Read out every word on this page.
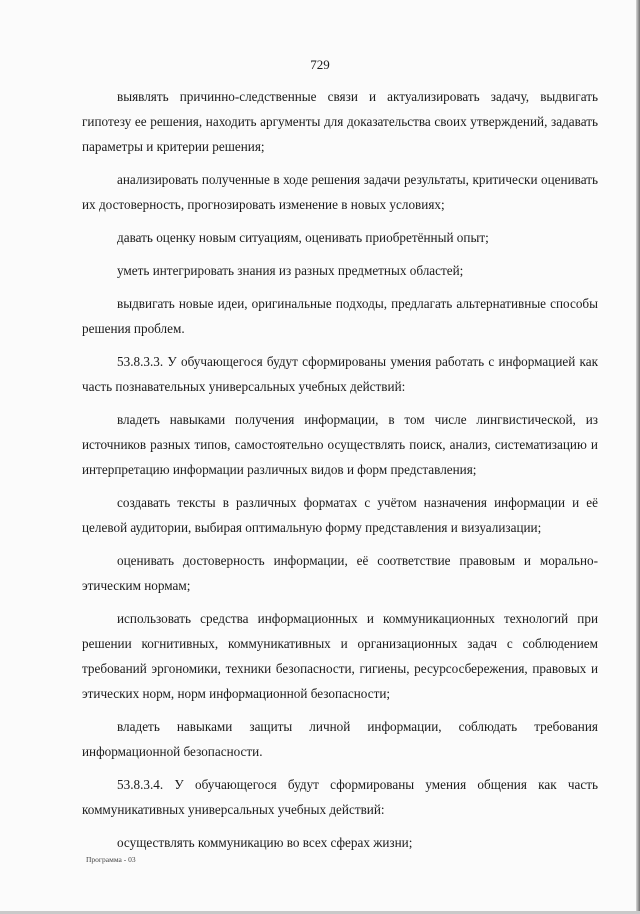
729

выявлять причинно-следственные связи и актуализировать задачу, выдвигать гипотезу ее решения, находить аргументы для доказательства своих утверждений, задавать параметры и критерии решения;

анализировать полученные в ходе решения задачи результаты, критически оценивать их достоверность, прогнозировать изменение в новых условиях;

давать оценку новым ситуациям, оценивать приобретённый опыт;

уметь интегрировать знания из разных предметных областей;

выдвигать новые идеи, оригинальные подходы, предлагать альтернативные способы решения проблем.

53.8.3.3. У обучающегося будут сформированы умения работать с информацией как часть познавательных универсальных учебных действий:

владеть навыками получения информации, в том числе лингвистической, из источников разных типов, самостоятельно осуществлять поиск, анализ, систематизацию и интерпретацию информации различных видов и форм представления;

создавать тексты в различных форматах с учётом назначения информации и её целевой аудитории, выбирая оптимальную форму представления и визуализации;

оценивать достоверность информации, её соответствие правовым и морально-этическим нормам;

использовать средства информационных и коммуникационных технологий при решении когнитивных, коммуникативных и организационных задач с соблюдением требований эргономики, техники безопасности, гигиены, ресурсосбережения, правовых и этических норм, норм информационной безопасности;

владеть навыками защиты личной информации, соблюдать требования информационной безопасности.

53.8.3.4. У обучающегося будут сформированы умения общения как часть коммуникативных универсальных учебных действий:

осуществлять коммуникацию во всех сферах жизни;

Программа - 03
